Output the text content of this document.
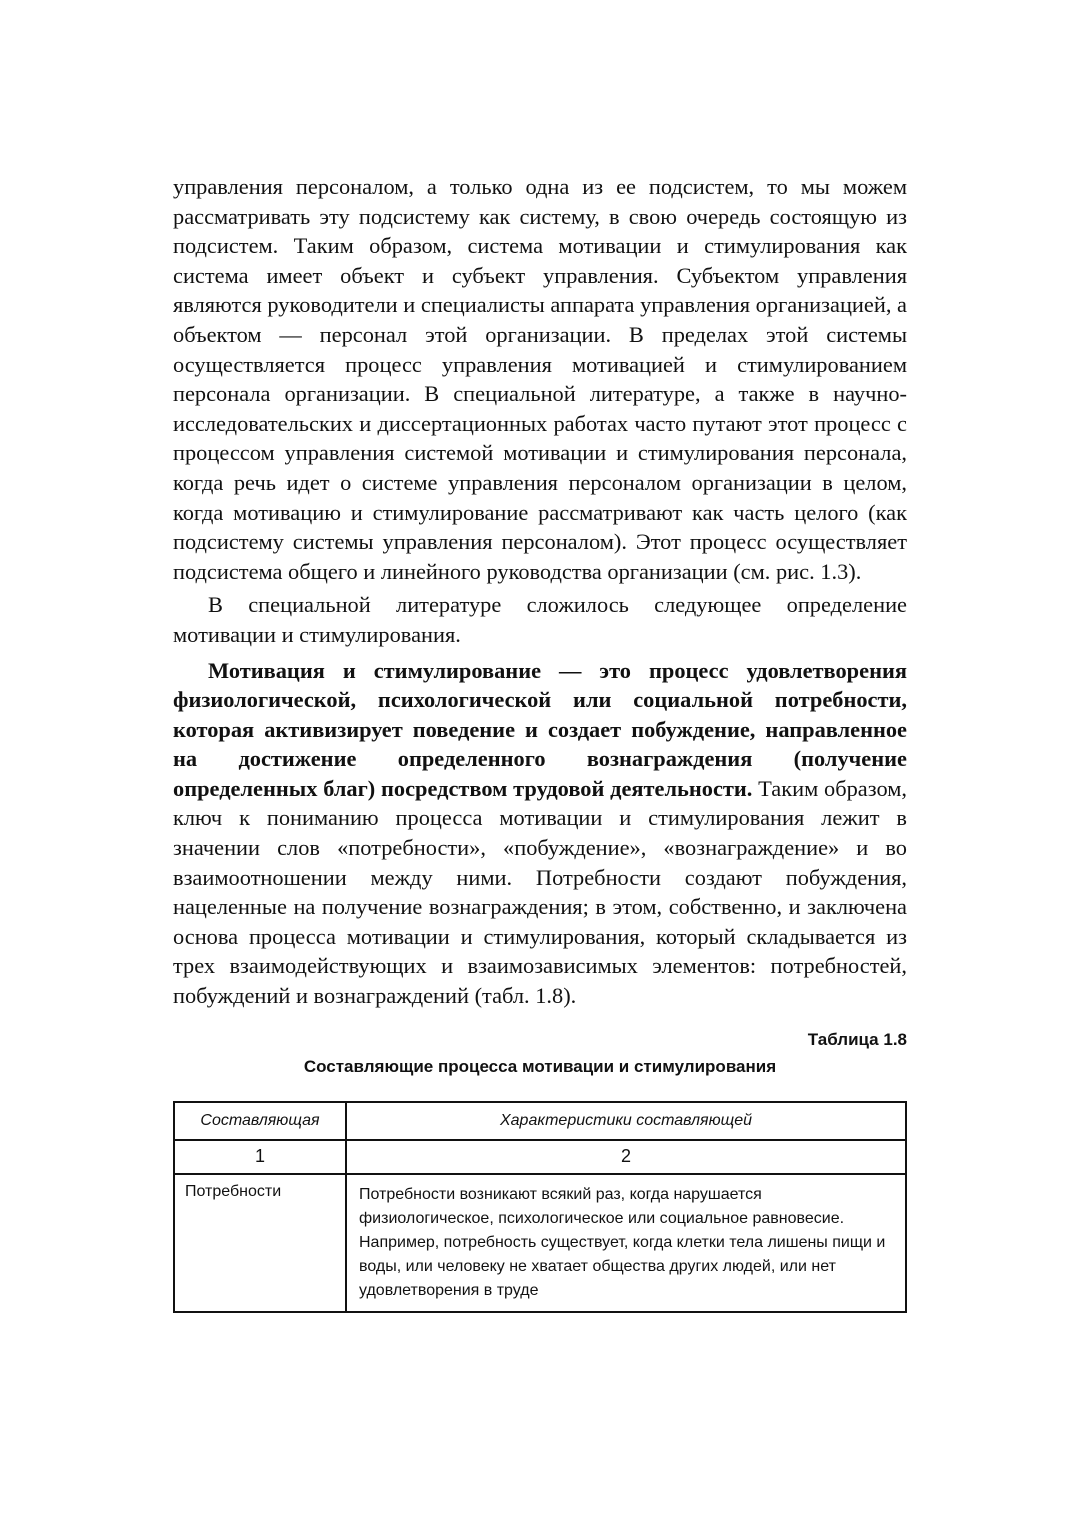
управления персоналом, а только одна из ее подсистем, то мы можем рассматривать эту подсистему как систему, в свою очередь состоящую из подсистем. Таким образом, система мотивации и стимулирования как система имеет объект и субъект управления. Субъектом управления являются руководители и специалисты аппарата управления организацией, а объектом — персонал этой организации. В пределах этой системы осуществляется процесс управления мотивацией и стимулированием персонала организации. В специальной литературе, а также в научно-исследовательских и диссертационных работах часто путают этот процесс с процессом управления системой мотивации и стимулирования персонала, когда речь идет о системе управления персоналом организации в целом, когда мотивацию и стимулирование рассматривают как часть целого (как подсистему системы управления персоналом). Этот процесс осуществляет подсистема общего и линейного руководства организации (см. рис. 1.3).

В специальной литературе сложилось следующее определение мотивации и стимулирования.

Мотивация и стимулирование — это процесс удовлетворения физиологической, психологической или социальной потребности, которая активизирует поведение и создает побуждение, направленное на достижение определенного вознаграждения (получение определенных благ) посредством трудовой деятельности. Таким образом, ключ к пониманию процесса мотивации и стимулирования лежит в значении слов «потребности», «побуждение», «вознаграждение» и во взаимоотношении между ними. Потребности создают побуждения, нацеленные на получение вознаграждения; в этом, собственно, и заключена основа процесса мотивации и стимулирования, который складывается из трех взаимодействующих и взаимозависимых элементов: потребностей, побуждений и вознаграждений (табл. 1.8).

Таблица 1.8
Составляющие процесса мотивации и стимулирования
Составляющая	Характеристики составляющей
1	2
Потребности	Потребности возникают всякий раз, когда нарушается физиологическое, психологическое или социальное равновесие. Например, потребность существует, когда клетки тела лишены пищи и воды, или человеку не хватает общества других людей, или нет удовлетворения в труде
